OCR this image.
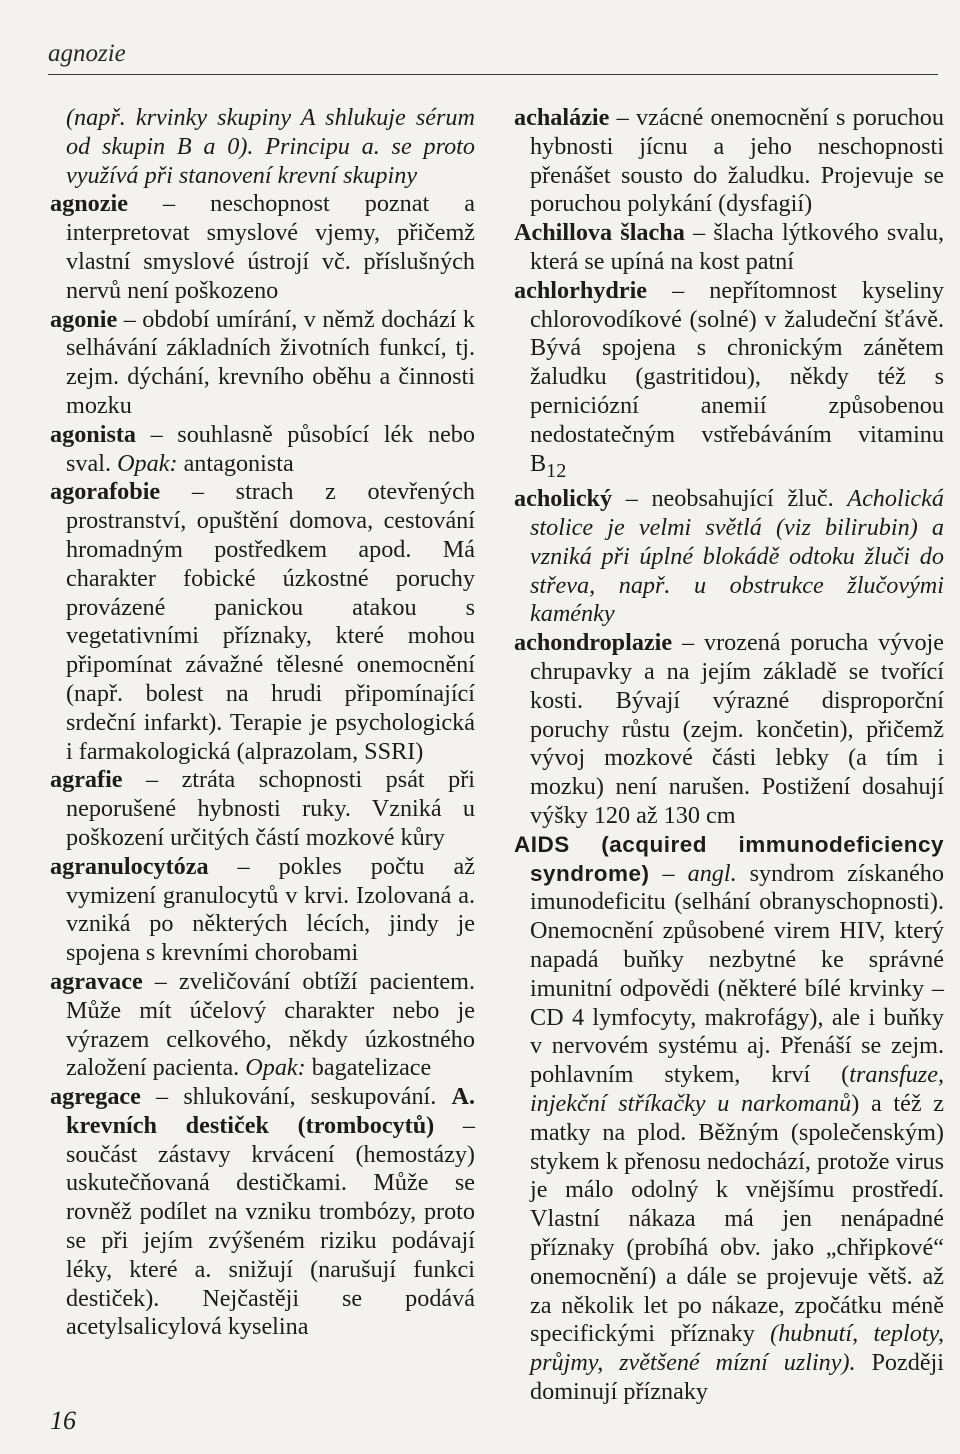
agnozie

(např. krvinky skupiny A shlukuje sérum od skupin B a 0). Principu a. se proto využívá při stanovení krevní skupiny

agnozie – neschopnost poznat a interpretovat smyslové vjemy, přičemž vlastní smyslové ústrojí vč. příslušných nervů není poškozeno

agonie – období umírání, v němž dochází k selhávání základních životních funkcí, tj. zejm. dýchání, krevního oběhu a činnosti mozku

agonista – souhlasně působící lék nebo sval. Opak: antagonista

agorafobie – strach z otevřených prostranství, opuštění domova, cestování hromadným postředkem apod. Má charakter fobické úzkostné poruchy provázené panickou atakou s vegetativními příznaky, které mohou připomínat závažné tělesné onemocnění (např. bolest na hrudi připomínající srdeční infarkt). Terapie je psychologická i farmakologická (alprazolam, SSRI)

agrafie – ztráta schopnosti psát při neporušené hybnosti ruky. Vzniká u poškození určitých částí mozkové kůry

agranulocytóza – pokles počtu až vymizení granulocytů v krvi. Izolovaná a. vzniká po některých lécích, jindy je spojena s krevními chorobami

agravace – zveličování obtíží pacientem. Může mít účelový charakter nebo je výrazem celkového, někdy úzkostného založení pacienta. Opak: bagatelizace

agregace – shlukování, seskupování. A. krevních destiček (trombocytů) – součást zástavy krvácení (hemostázy) uskutečňovaná destičkami. Může se rovněž podílet na vzniku trombózy, proto se při jejím zvýšeném riziku podávají léky, které a. snižují (narušují funkci destiček). Nejčastěji se podává acetylsalicylová kyselina

achalázie – vzácné onemocnění s poruchou hybnosti jícnu a jeho neschopnosti přenášet sousto do žaludku. Projevuje se poruchou polykání (dysfagií)

Achillova šlacha – šlacha lýtkového svalu, která se upíná na kost patní

achlorhydrie – nepřítomnost kyseliny chlorovodíkové (solné) v žaludeční šťávě. Bývá spojena s chronickým zánětem žaludku (gastritidou), někdy též s perniciózní anemií způsobenou nedostatečným vstřebáváním vitaminu $B_{12}$

acholický – neobsahující žluč. Acholická stolice je velmi světlá (viz bilirubin) a vzniká při úplné blokádě odtoku žluči do střeva, např. u obstrukce žlučovými kaménky

achondroplazie – vrozená porucha vývoje chrupavky a na jejím základě se tvořící kosti. Bývají výrazné disproporční poruchy růstu (zejm. končetin), přičemž vývoj mozkové části lebky (a tím i mozku) není narušen. Postižení dosahují výšky 120 až 130 cm

AIDS (acquired immunodeficiency syndrome) – angl. syndrom získaného imunodeficitu (selhání obranyschopnosti). Onemocnění způsobené virem HIV, který napadá buňky nezbytné ke správné imunitní odpovědi (některé bílé krvinky – CD 4 lymfocyty, makrofágy), ale i buňky v nervovém systému aj. Přenáší se zejm. pohlavním stykem, krví (transfuze, injekční stříkačky u narkomanů) a též z matky na plod. Běžným (společenským) stykem k přenosu nedochází, protože virus je málo odolný k vnějšímu prostředí. Vlastní nákaza má jen nenápadné příznaky (probíhá obv. jako „chřipkové“ onemocnění) a dále se projevuje větš. až za několik let po nákaze, zpočátku méně specifickými příznaky (hubnutí, teploty, průjmy, zvětšené mízní uzliny). Později dominují příznaky

16
